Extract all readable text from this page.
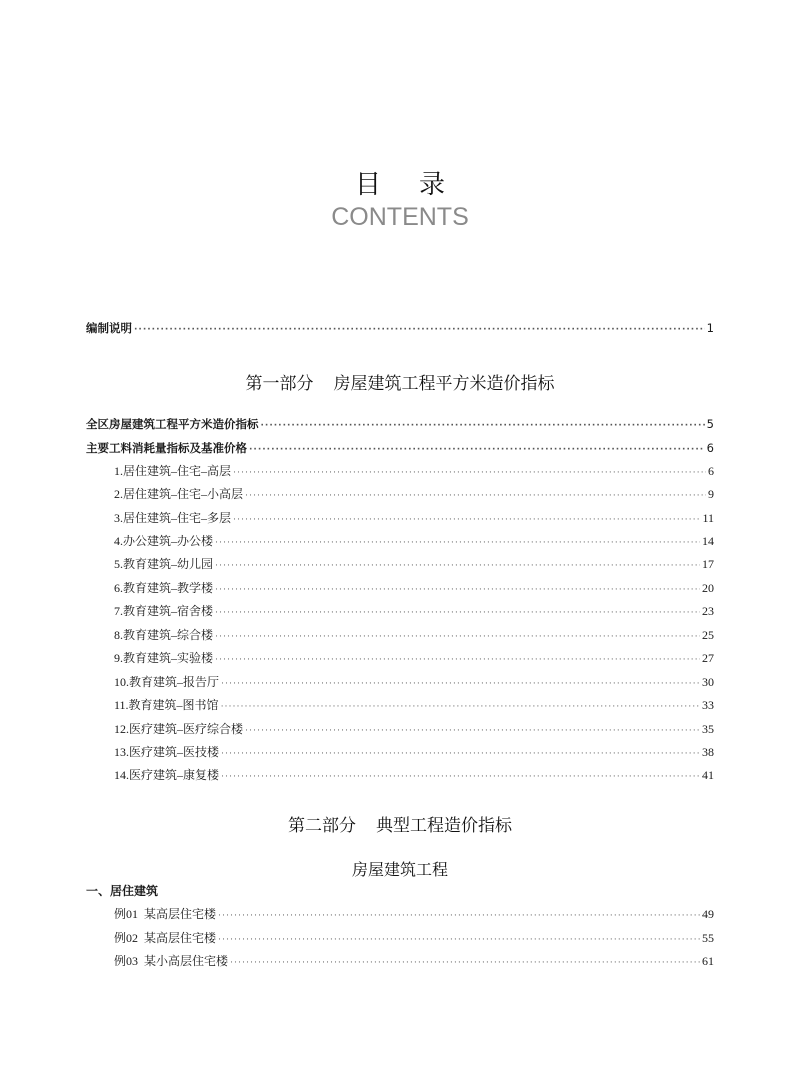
目录
CONTENTS
编制说明 ·····	1
第一部分 房屋建筑工程平方米造价指标
全区房屋建筑工程平方米造价指标 ·····	5
主要工料消耗量指标及基准价格 ·····	6
1.居住建筑–住宅–高层 ·····	6
2.居住建筑–住宅–小高层 ·····	9
3.居住建筑–住宅–多层 ·····	11
4.办公建筑–办公楼 ·····	14
5.教育建筑–幼儿园 ·····	17
6.教育建筑–教学楼 ·····	20
7.教育建筑–宿舍楼 ·····	23
8.教育建筑–综合楼 ·····	25
9.教育建筑–实验楼 ·····	27
10.教育建筑–报告厅 ·····	30
11.教育建筑–图书馆 ·····	33
12.医疗建筑–医疗综合楼 ·····	35
13.医疗建筑–医技楼 ·····	38
14.医疗建筑–康复楼 ·····	41
第二部分 典型工程造价指标
房屋建筑工程
一、居住建筑
例01  某高层住宅楼 ·····	49
例02  某高层住宅楼 ·····	55
例03  某小高层住宅楼 ·····	61
